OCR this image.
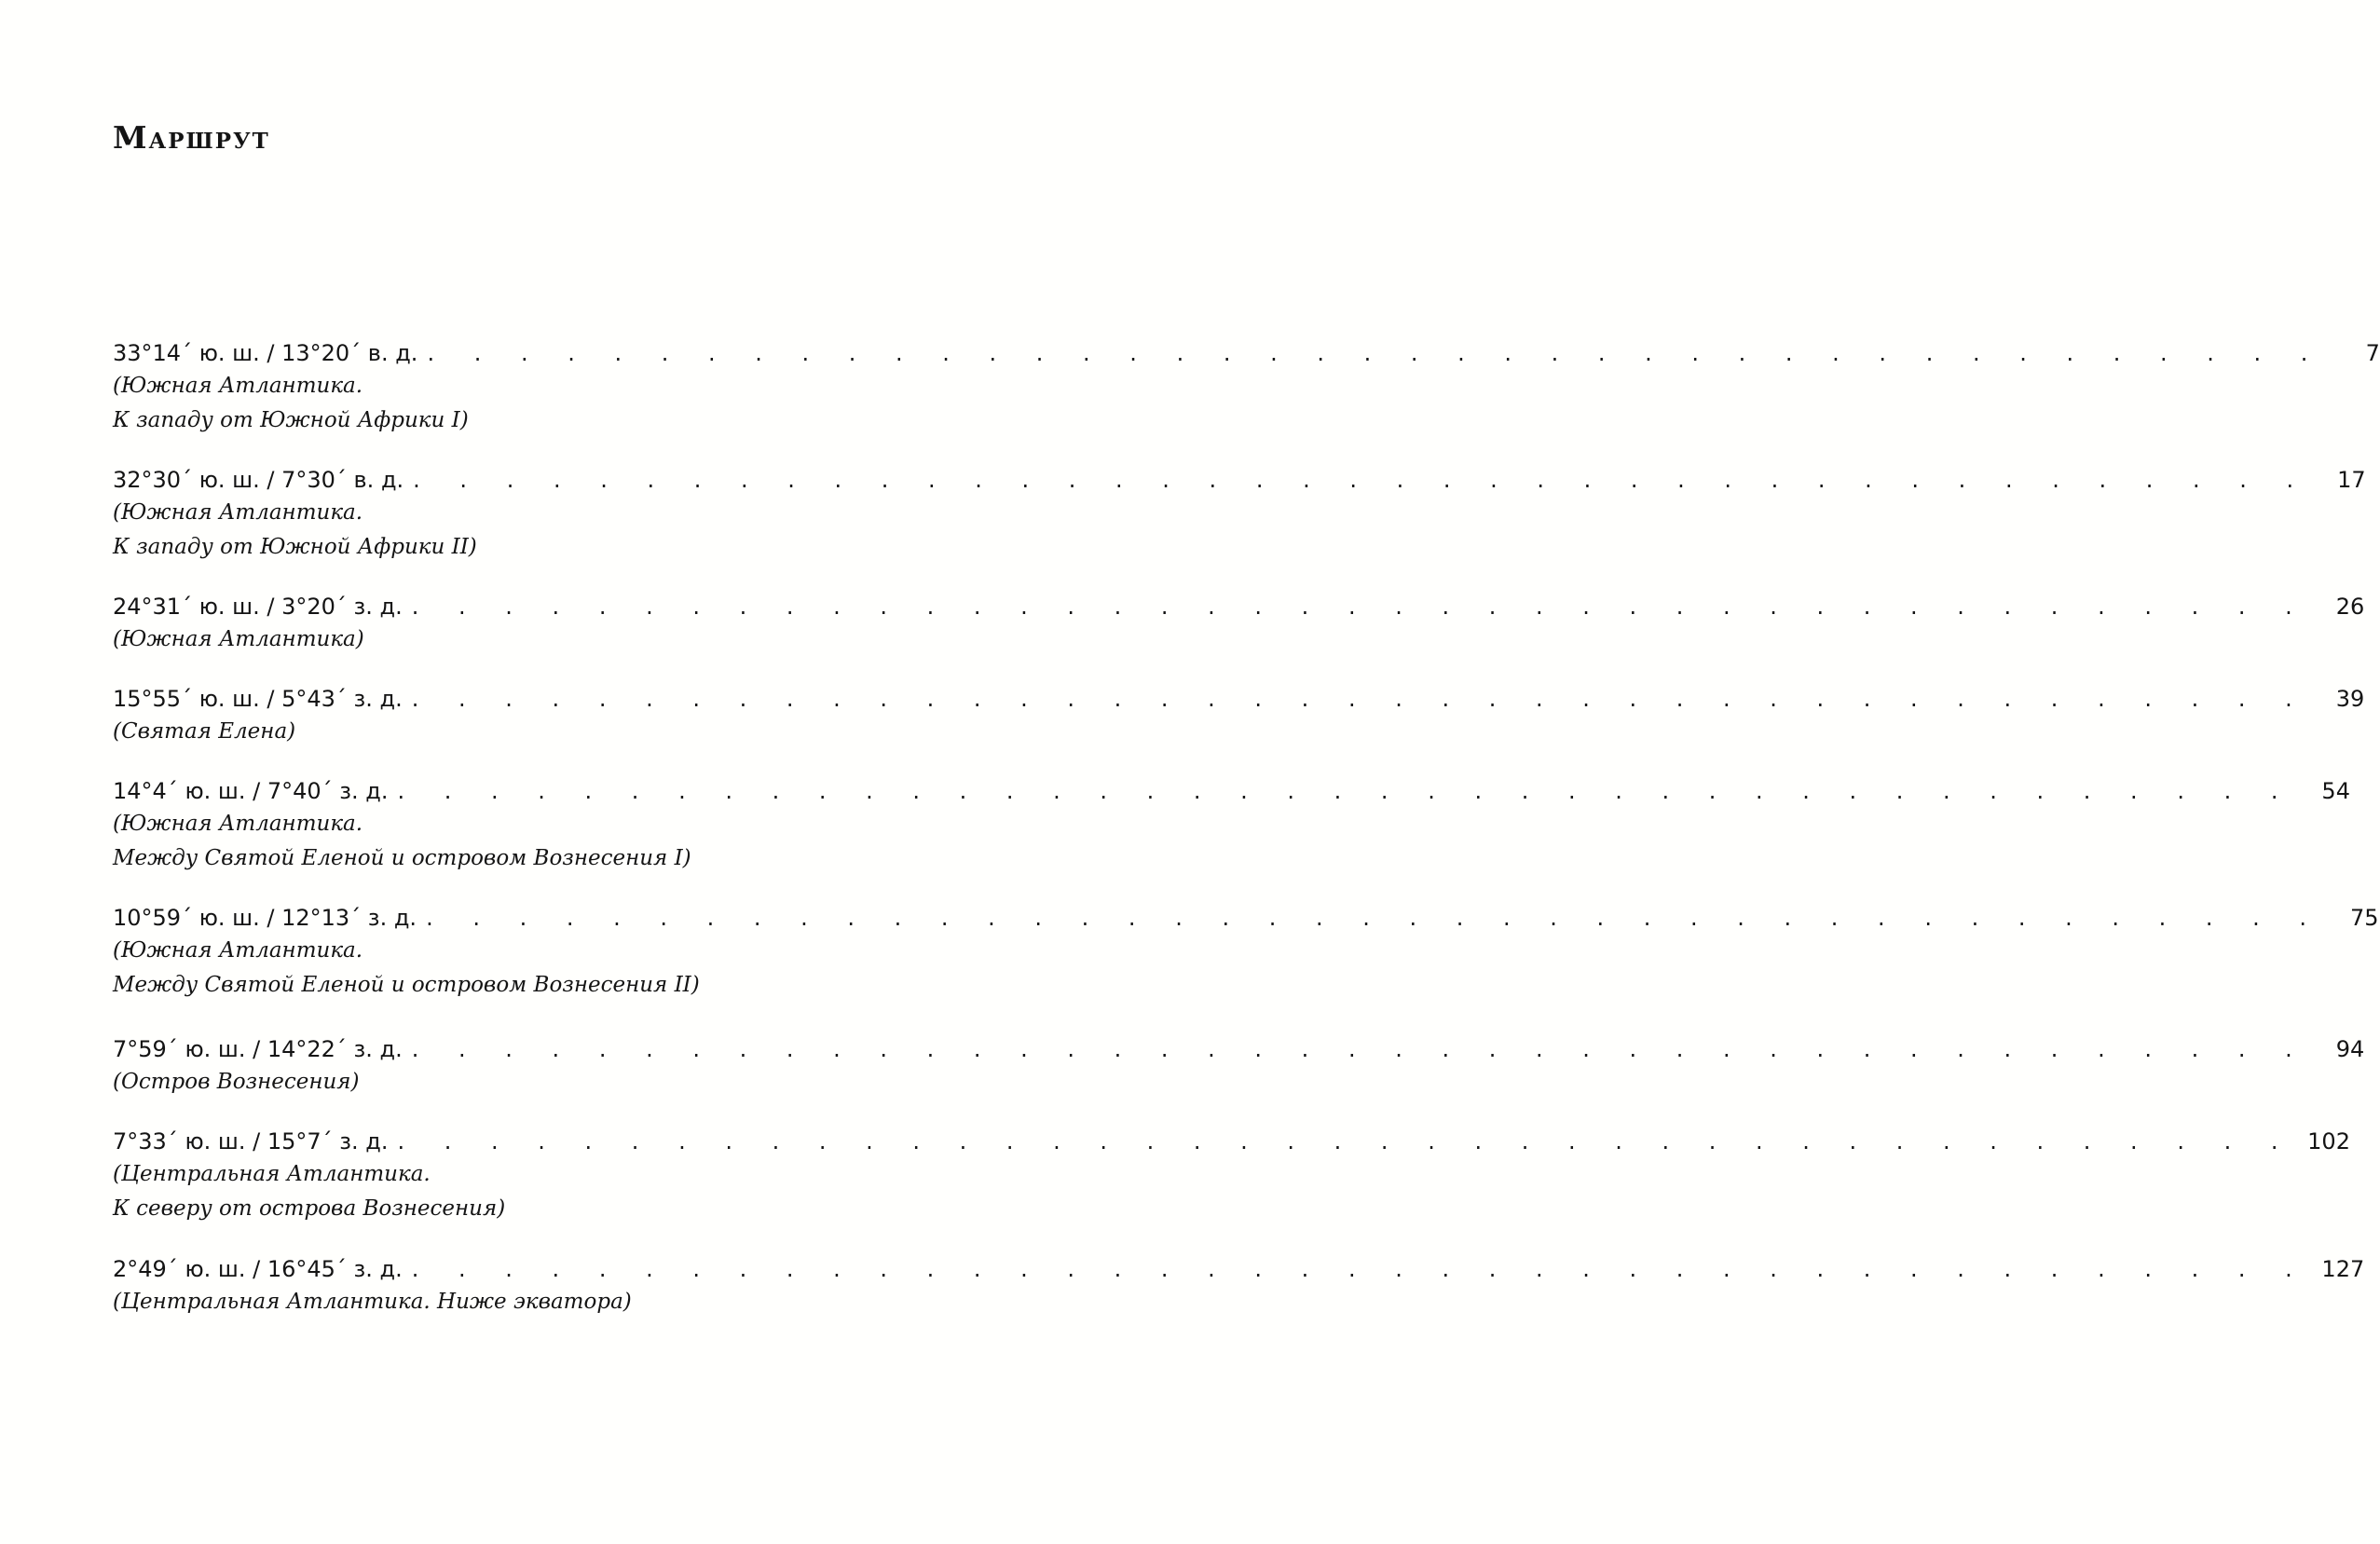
Маршрут
33°14´ ю. ш. / 13°20´ в. д. . . . . . . . . . . . . . . . . . . . . . . . . . . . . . . . . . . . . . . . . .	7
(Южная Атлантика.
К западу от Южной Африки I)
32°30´ ю. ш. / 7°30´ в. д. . . . . . . . . . . . . . . . . . . . . . . . . . . . . . . . . . . . . . . . . .	17
(Южная Атлантика.
К западу от Южной Африки II)
24°31´ ю. ш. / 3°20´ з. д. . . . . . . . . . . . . . . . . . . . . . . . . . . . . . . . . . . . . . . . . .	26
(Южная Атлантика)
15°55´ ю. ш. / 5°43´ з. д. . . . . . . . . . . . . . . . . . . . . . . . . . . . . . . . . . . . . . . . . .	39
(Святая Елена)
14°4´ ю. ш. / 7°40´ з. д. . . . . . . . . . . . . . . . . . . . . . . . . . . . . . . . . . . . . . . . . .	54
(Южная Атлантика.
Между Святой Еленой и островом Вознесения I)
10°59´ ю. ш. / 12°13´ з. д. . . . . . . . . . . . . . . . . . . . . . . . . . . . . . . . . . . . . . . . . .	75
(Южная Атлантика.
Между Святой Еленой и островом Вознесения II)
7°59´ ю. ш. / 14°22´ з. д. . . . . . . . . . . . . . . . . . . . . . . . . . . . . . . . . . . . . . . . . .	94
(Остров Вознесения)
7°33´ ю. ш. / 15°7´ з. д. . . . . . . . . . . . . . . . . . . . . . . . . . . . . . . . . . . . . . . . . . 102
(Центральная Атлантика.
К северу от острова Вознесения)
2°49´ ю. ш. / 16°45´ з. д. . . . . . . . . . . . . . . . . . . . . . . . . . . . . . . . . . . . . . . . . . 127
(Центральная Атлантика. Ниже экватора)
